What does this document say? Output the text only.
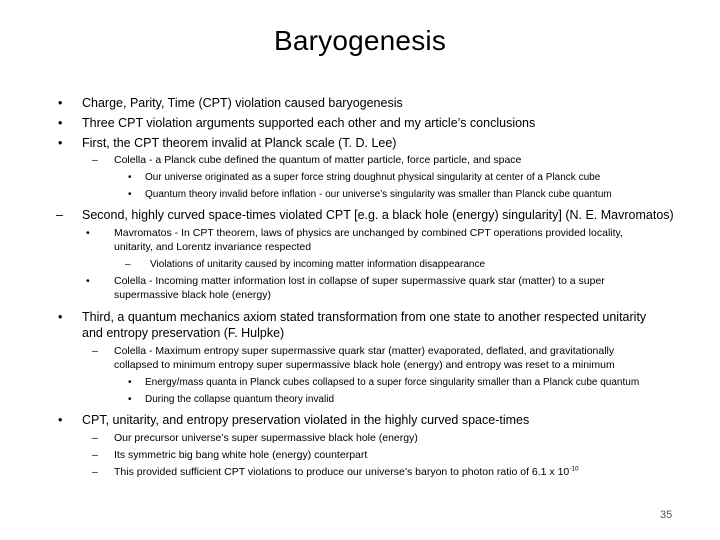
Baryogenesis
• Charge, Parity, Time (CPT) violation caused baryogenesis
• Three CPT violation arguments supported each other and my article’s conclusions
• First, the CPT theorem invalid at Planck scale (T. D. Lee)
– Colella - a Planck cube defined the quantum of matter particle, force particle, and space
• Our universe originated as a super force string doughnut physical singularity at center of a Planck cube
• Quantum theory invalid before inflation - our universe’s singularity was smaller than Planck cube quantum
– Second, highly curved space-times violated CPT [e.g. a black hole (energy) singularity] (N. E. Mavromatos)
• Mavromatos - In CPT theorem, laws of physics are unchanged by combined CPT operations provided locality,
unitarity, and Lorentz invariance respected
– Violations of unitarity caused by incoming matter information disappearance
• Colella - Incoming matter information lost in collapse of super supermassive quark star (matter) to a super
supermassive black hole (energy)
• Third, a quantum mechanics axiom stated transformation from one state to another respected unitarity
and entropy preservation (F. Hulpke)
– Colella - Maximum entropy super supermassive quark star (matter) evaporated, deflated, and gravitationally
collapsed to minimum entropy super supermassive black hole (energy) and entropy was reset to a minimum
• Energy/mass quanta in Planck cubes collapsed to a super force singularity smaller than a Planck cube quantum
• During the collapse quantum theory invalid
• CPT, unitarity, and entropy preservation violated in the highly curved space-times
– Our precursor universe’s super supermassive black hole (energy)
– Its symmetric big bang white hole (energy) counterpart
– This provided sufficient CPT violations to produce our universe’s baryon to photon ratio of 6.1 x $10^{-10}$
35
